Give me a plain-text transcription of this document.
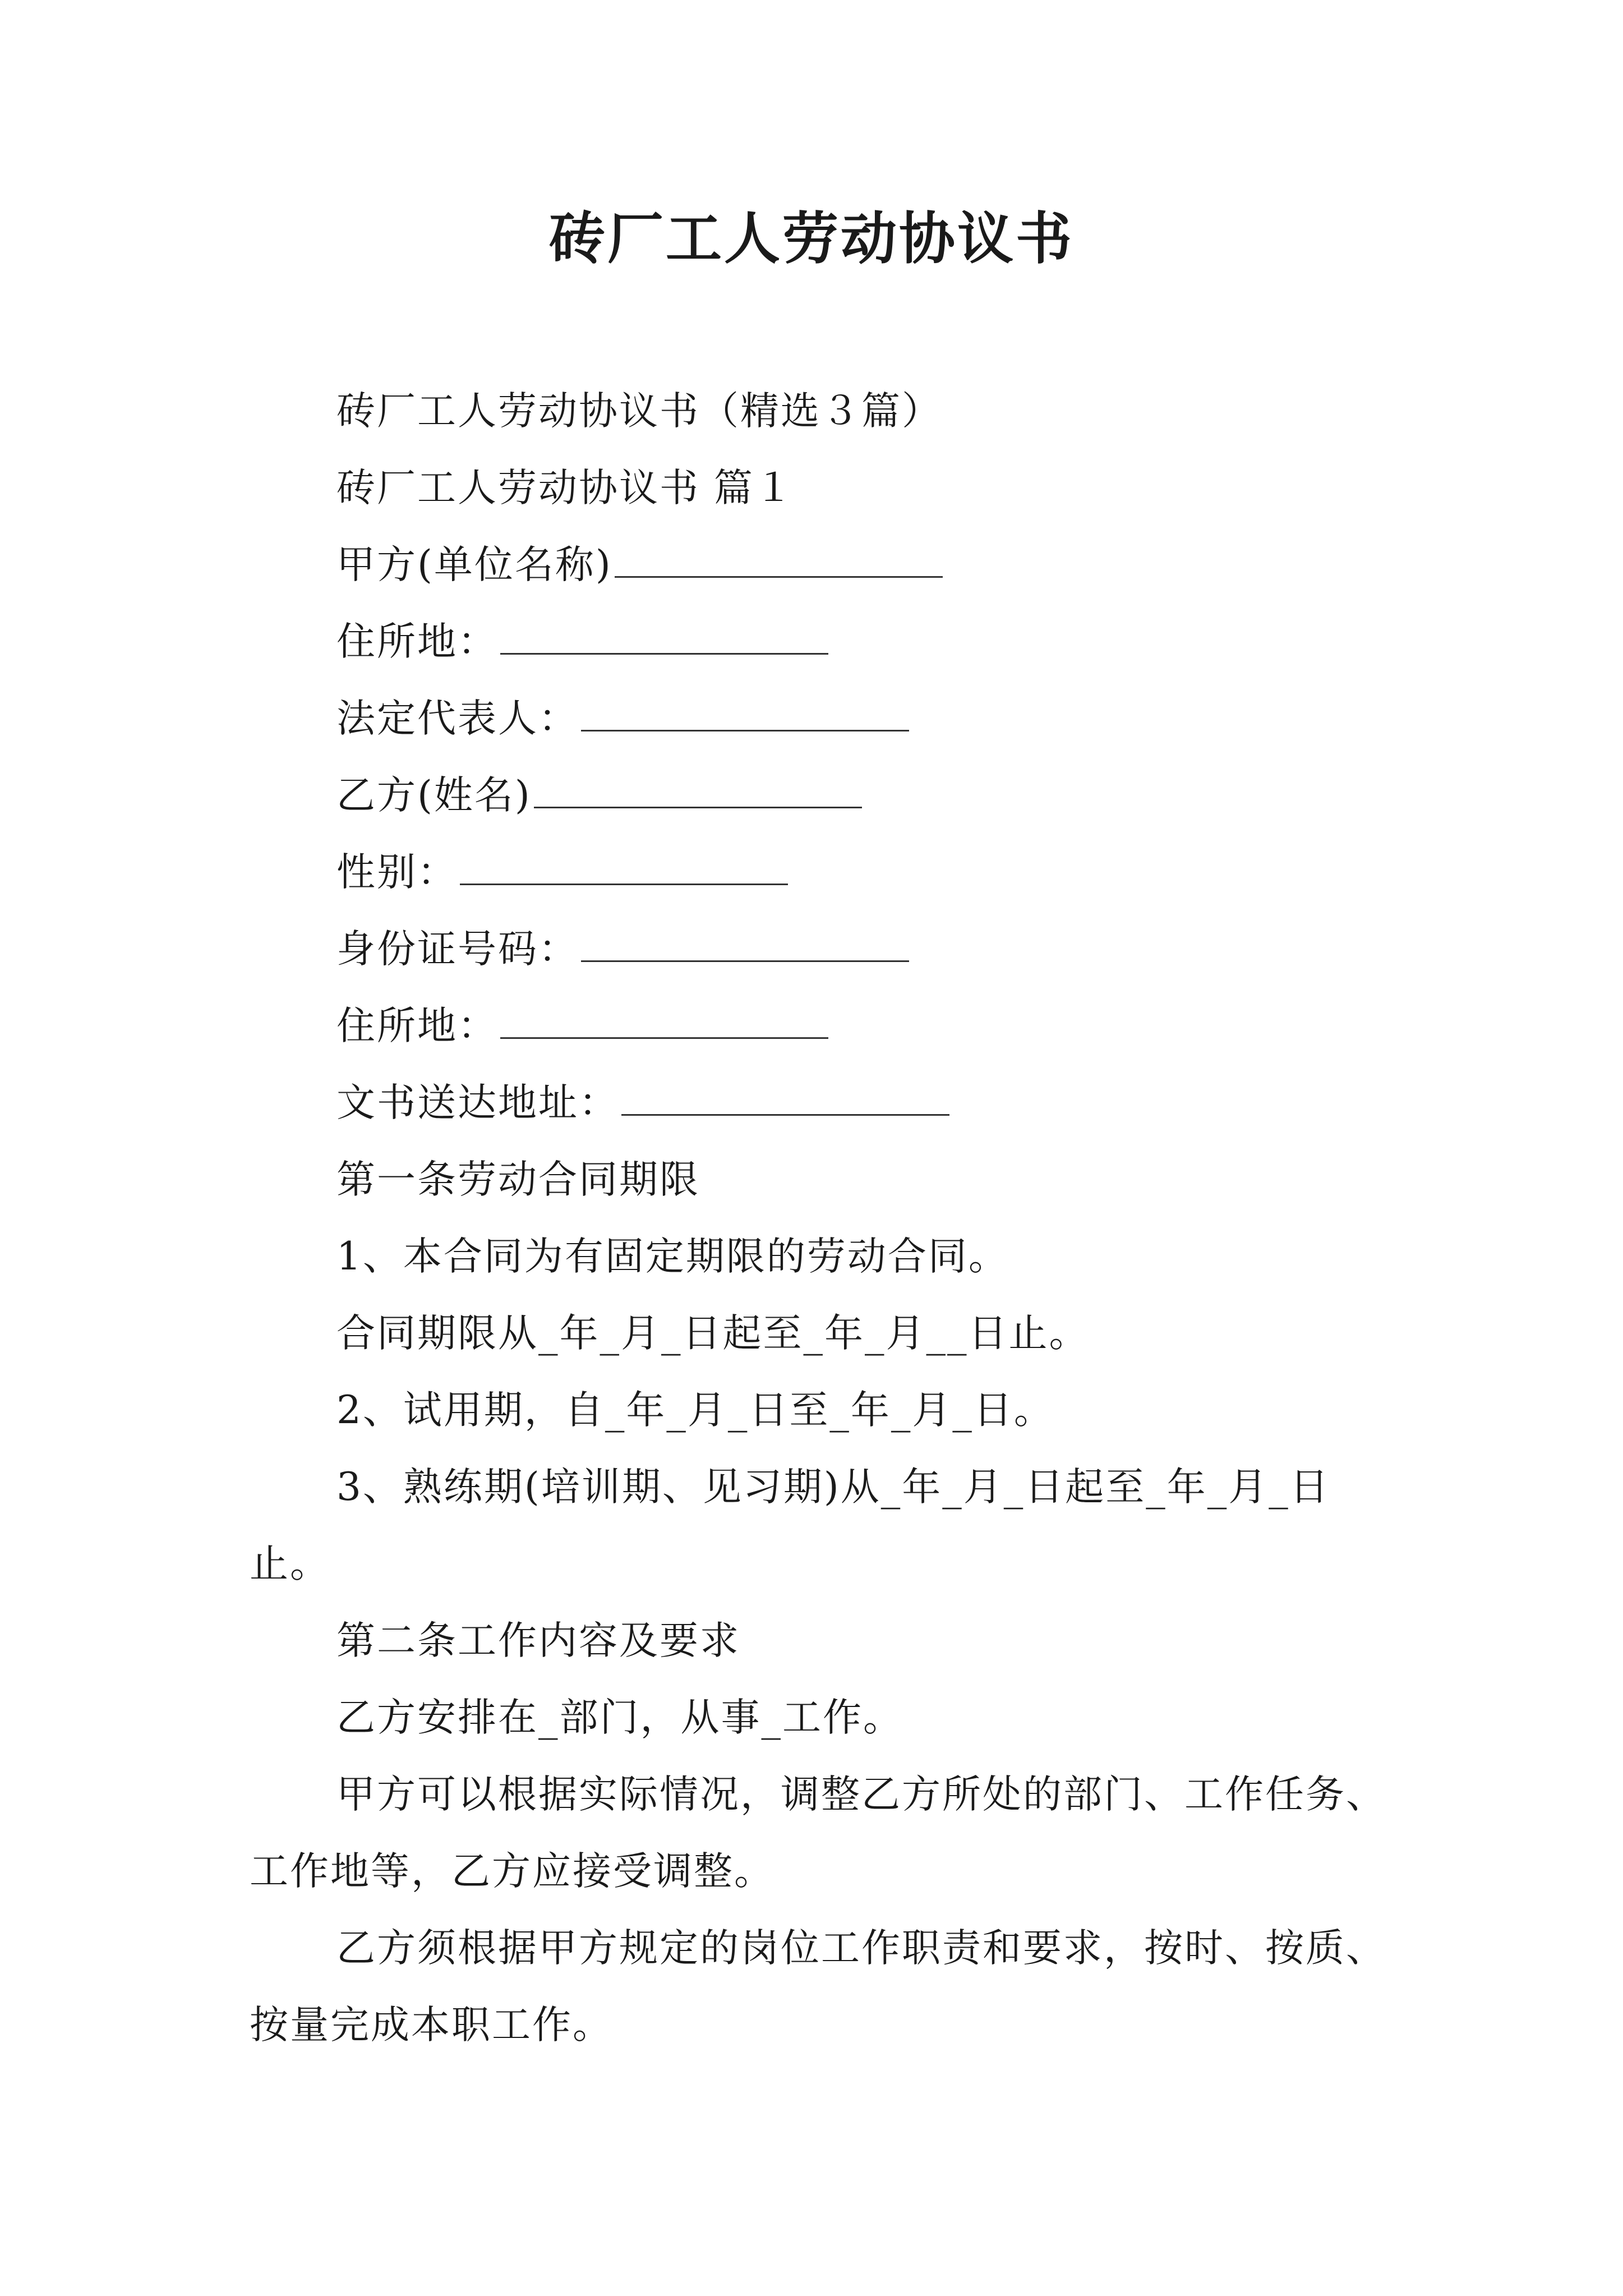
砖厂工人劳动协议书

砖厂工人劳动协议书（精选３篇）

砖厂工人劳动协议书 篇１

甲方(单位名称)

住所地：

法定代表人：

乙方(姓名)

性别：

身份证号码：

住所地：

文书送达地址：

第一条劳动合同期限

1、本合同为有固定期限的劳动合同。

合同期限从_年_月_日起至_年_月__日止。

2、试用期，自_年_月_日至_年_月_日。

3、熟练期(培训期、见习期)从_年_月_日起至_年_月_日止。

第二条工作内容及要求

乙方安排在_部门，从事_工作。

甲方可以根据实际情况，调整乙方所处的部门、工作任务、工作地等，乙方应接受调整。

乙方须根据甲方规定的岗位工作职责和要求，按时、按质、按量完成本职工作。
